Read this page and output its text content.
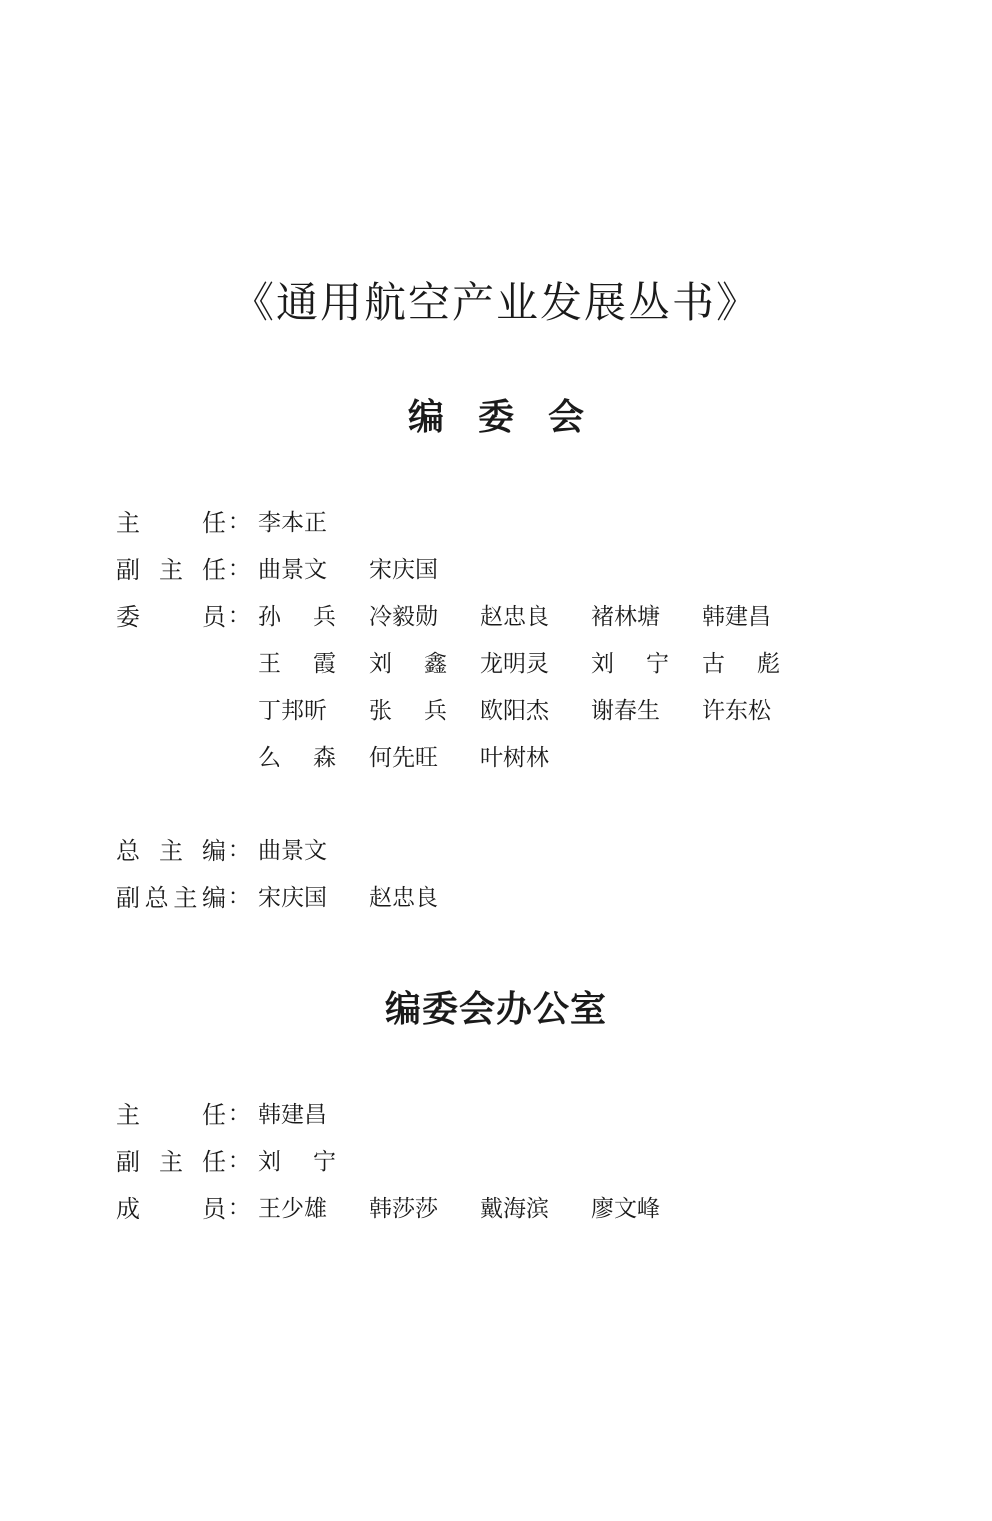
《通用航空产业发展丛书》
编委会
主	任 ： 李本正
副 主 任 ： 曲景文	宋庆国
委	员 ： 孙 兵	冷毅勋	赵忠良	褚林塘	韩建昌
王 霞	刘 鑫	龙明灵	刘 宁	古 彪
丁邦昕	张 兵	欧阳杰	谢春生	许东松
么 森	何先旺	叶树林
总 主 编 ： 曲景文
副 总 主 编 ： 宋庆国	赵忠良
编委会办公室
主	任 ： 韩建昌
副 主 任 ： 刘 宁
成	员 ： 王少雄	韩莎莎	戴海滨	廖文峰
